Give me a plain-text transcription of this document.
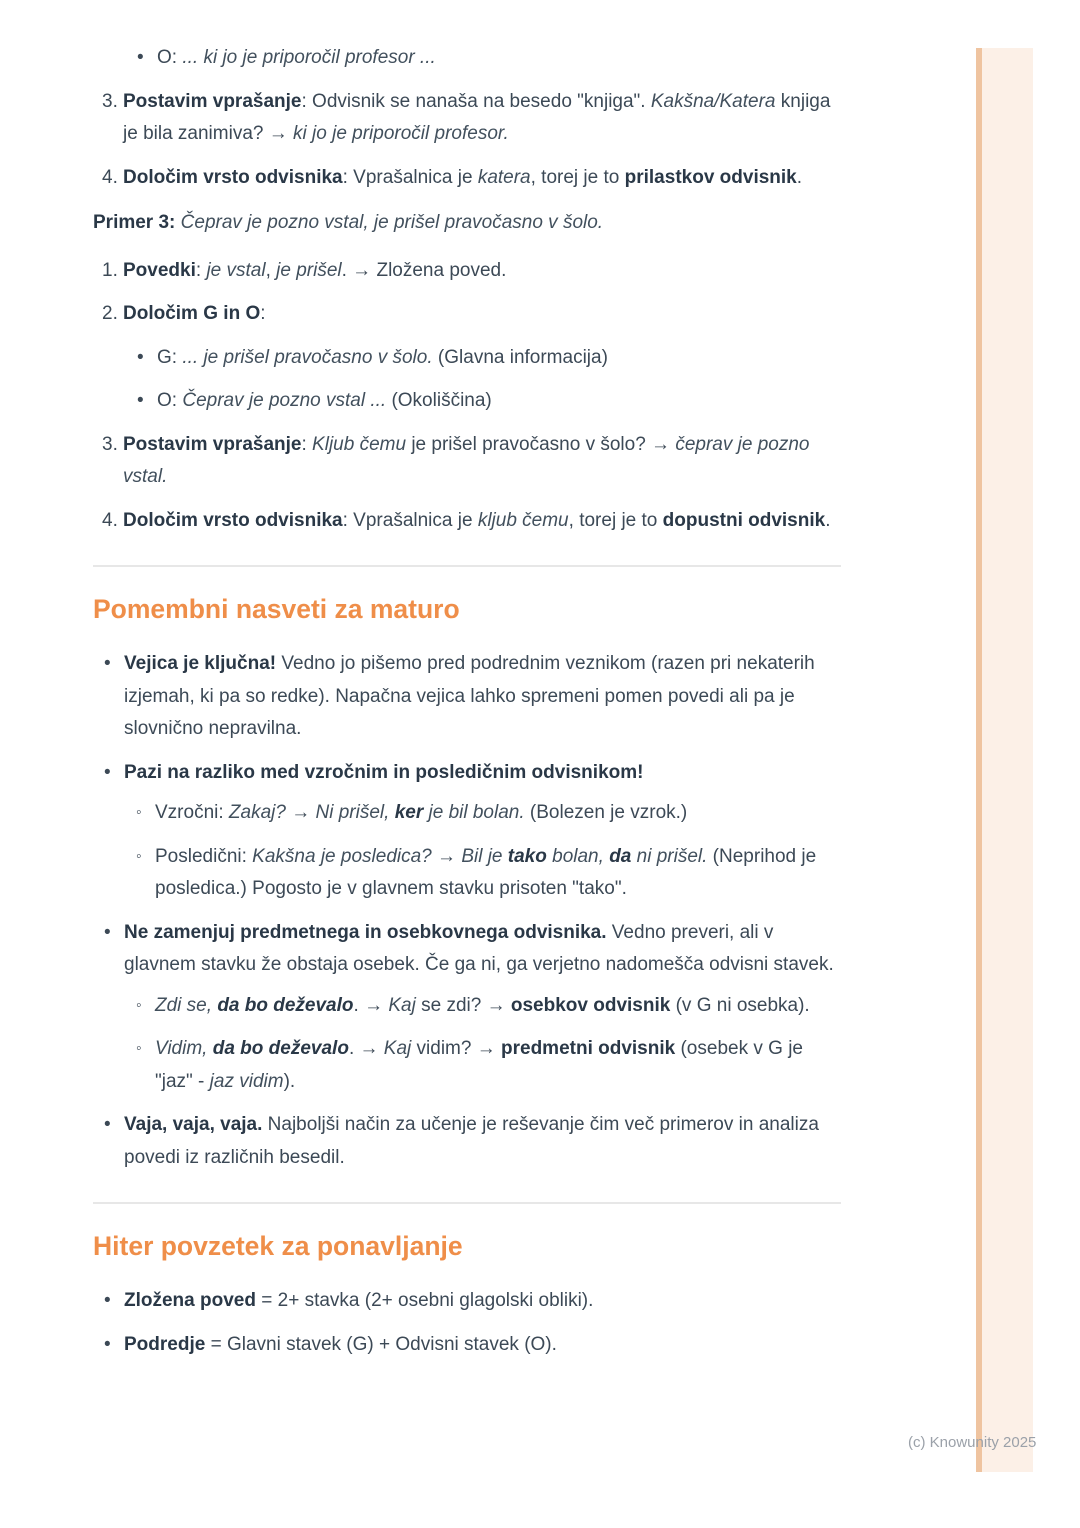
• O: ... ki jo je priporočil profesor ...
3. Postavim vprašanje: Odvisnik se nanaša na besedo "knjiga". Kakšna/Katera knjiga je bila zanimiva? → ki jo je priporočil profesor.
4. Določim vrsto odvisnika: Vprašalnica je katera, torej je to prilastkov odvisnik.
Primer 3: Čeprav je pozno vstal, je prišel pravočasno v šolo.
1. Povedki: je vstal, je prišel. → Zložena poved.
2. Določim G in O:
• G: ... je prišel pravočasno v šolo. (Glavna informacija)
• O: Čeprav je pozno vstal ... (Okoliščina)
3. Postavim vprašanje: Kljub čemu je prišel pravočasno v šolo? → čeprav je pozno vstal.
4. Določim vrsto odvisnika: Vprašalnica je kljub čemu, torej je to dopustni odvisnik.
Pomembni nasveti za maturo
• Vejica je ključna! Vedno jo pišemo pred podrednim veznikom (razen pri nekaterih izjemah, ki pa so redke). Napačna vejica lahko spremeni pomen povedi ali pa je slovnično nepravilna.
• Pazi na razliko med vzročnim in posledičnim odvisnikom!
◦ Vzročni: Zakaj? → Ni prišel, ker je bil bolan. (Bolezen je vzrok.)
◦ Posledični: Kakšna je posledica? → Bil je tako bolan, da ni prišel. (Neprihod je posledica.) Pogosto je v glavnem stavku prisoten "tako".
• Ne zamenjuj predmetnega in osebkovnega odvisnika. Vedno preveri, ali v glavnem stavku že obstaja osebek. Če ga ni, ga verjetno nadomešča odvisni stavek.
◦ Zdi se, da bo deževalo. → Kaj se zdi? → osebkov odvisnik (v G ni osebka).
◦ Vidim, da bo deževalo. → Kaj vidim? → predmetni odvisnik (osebek v G je "jaz" - jaz vidim).
• Vaja, vaja, vaja. Najboljši način za učenje je reševanje čim več primerov in analiza povedi iz različnih besedil.
Hiter povzetek za ponavljanje
• Zložena poved = 2+ stavka (2+ osebni glagolski obliki).
• Podredje = Glavni stavek (G) + Odvisni stavek (O).
(c) Knowunity 2025
